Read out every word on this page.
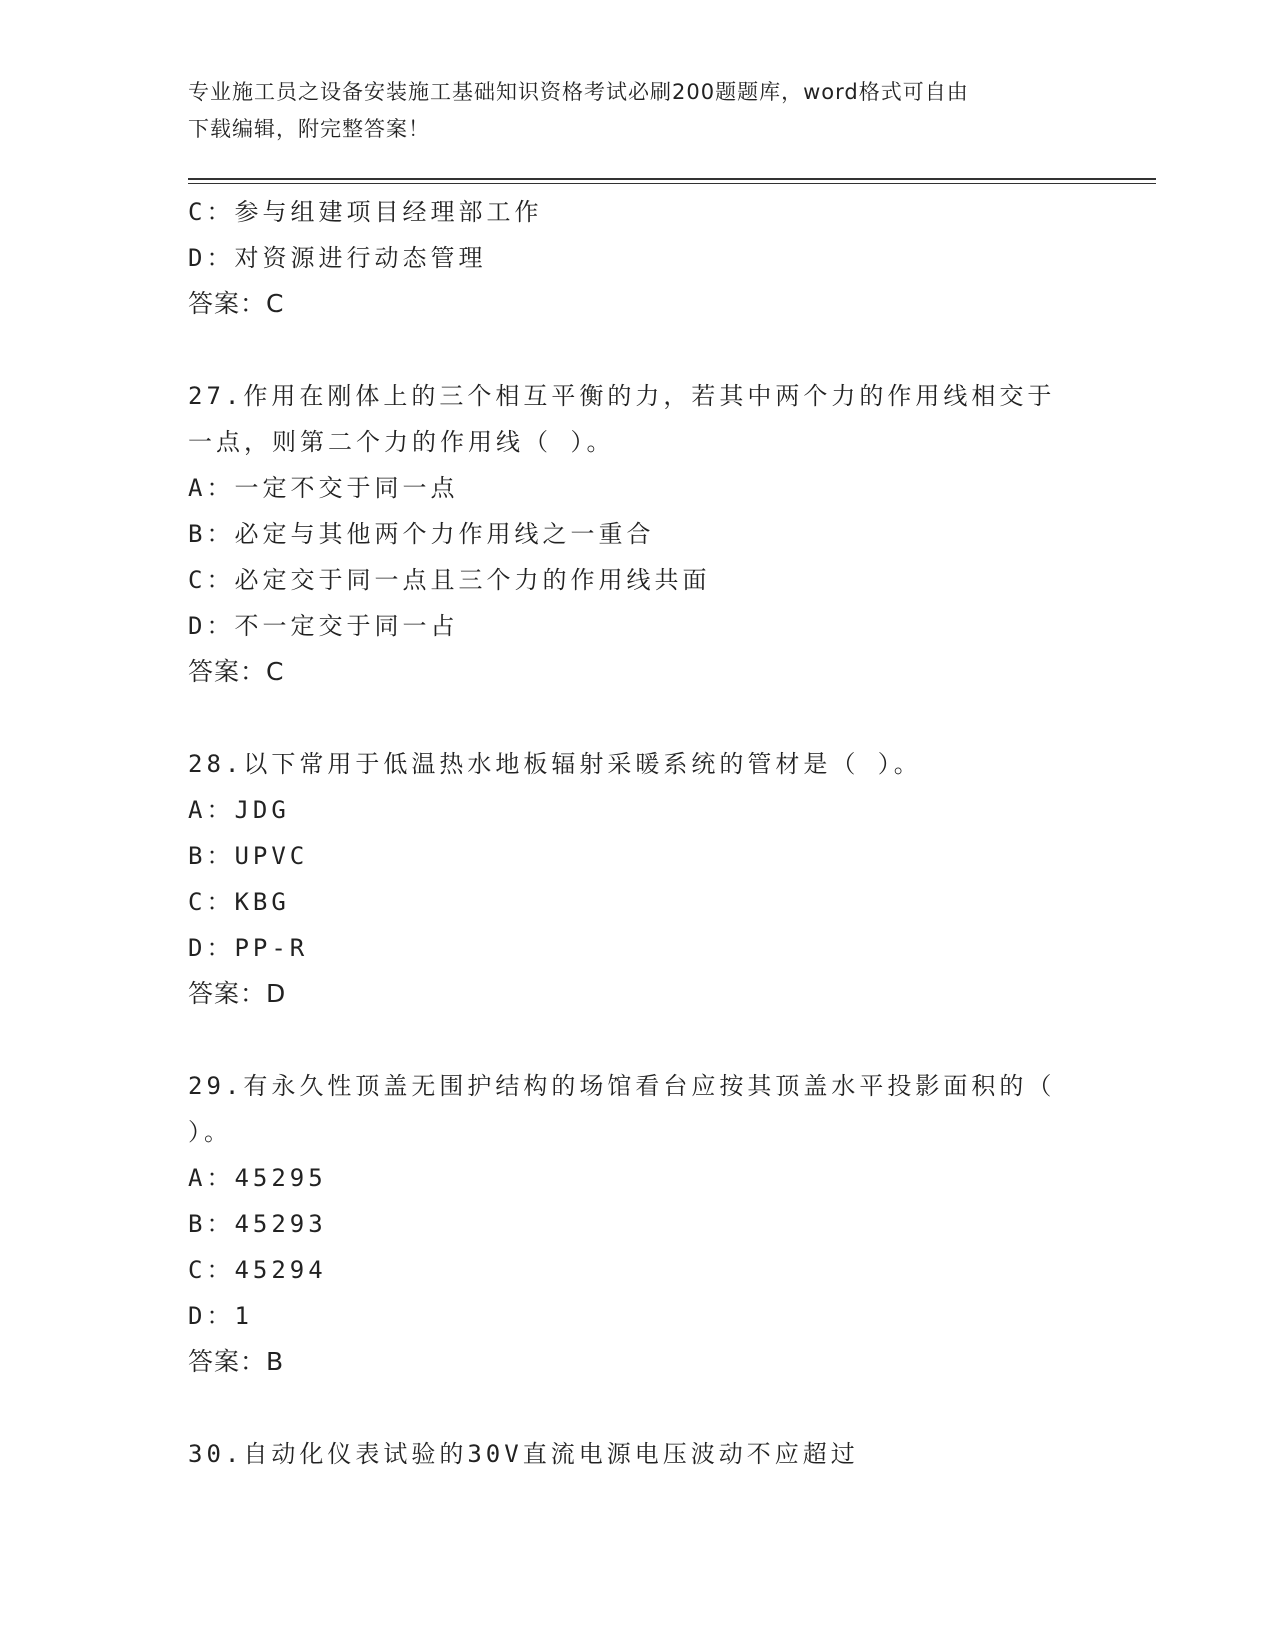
专业施工员之设备安装施工基础知识资格考试必刷200题题库，word格式可自由
下载编辑，附完整答案！
C：参与组建项目经理部工作
D：对资源进行动态管理
答案：C
27.作用在刚体上的三个相互平衡的力，若其中两个力的作用线相交于
一点，则第二个力的作用线（ ）。
A：一定不交于同一点
B：必定与其他两个力作用线之一重合
C：必定交于同一点且三个力的作用线共面
D：不一定交于同一占
答案：C
28.以下常用于低温热水地板辐射采暖系统的管材是（ ）。
A：JDG
B：UPVC
C：KBG
D：PP-R
答案：D
29.有永久性顶盖无围护结构的场馆看台应按其顶盖水平投影面积的（
）。
A：45295
B：45293
C：45294
D：1
答案：B
30.自动化仪表试验的30V直流电源电压波动不应超过
